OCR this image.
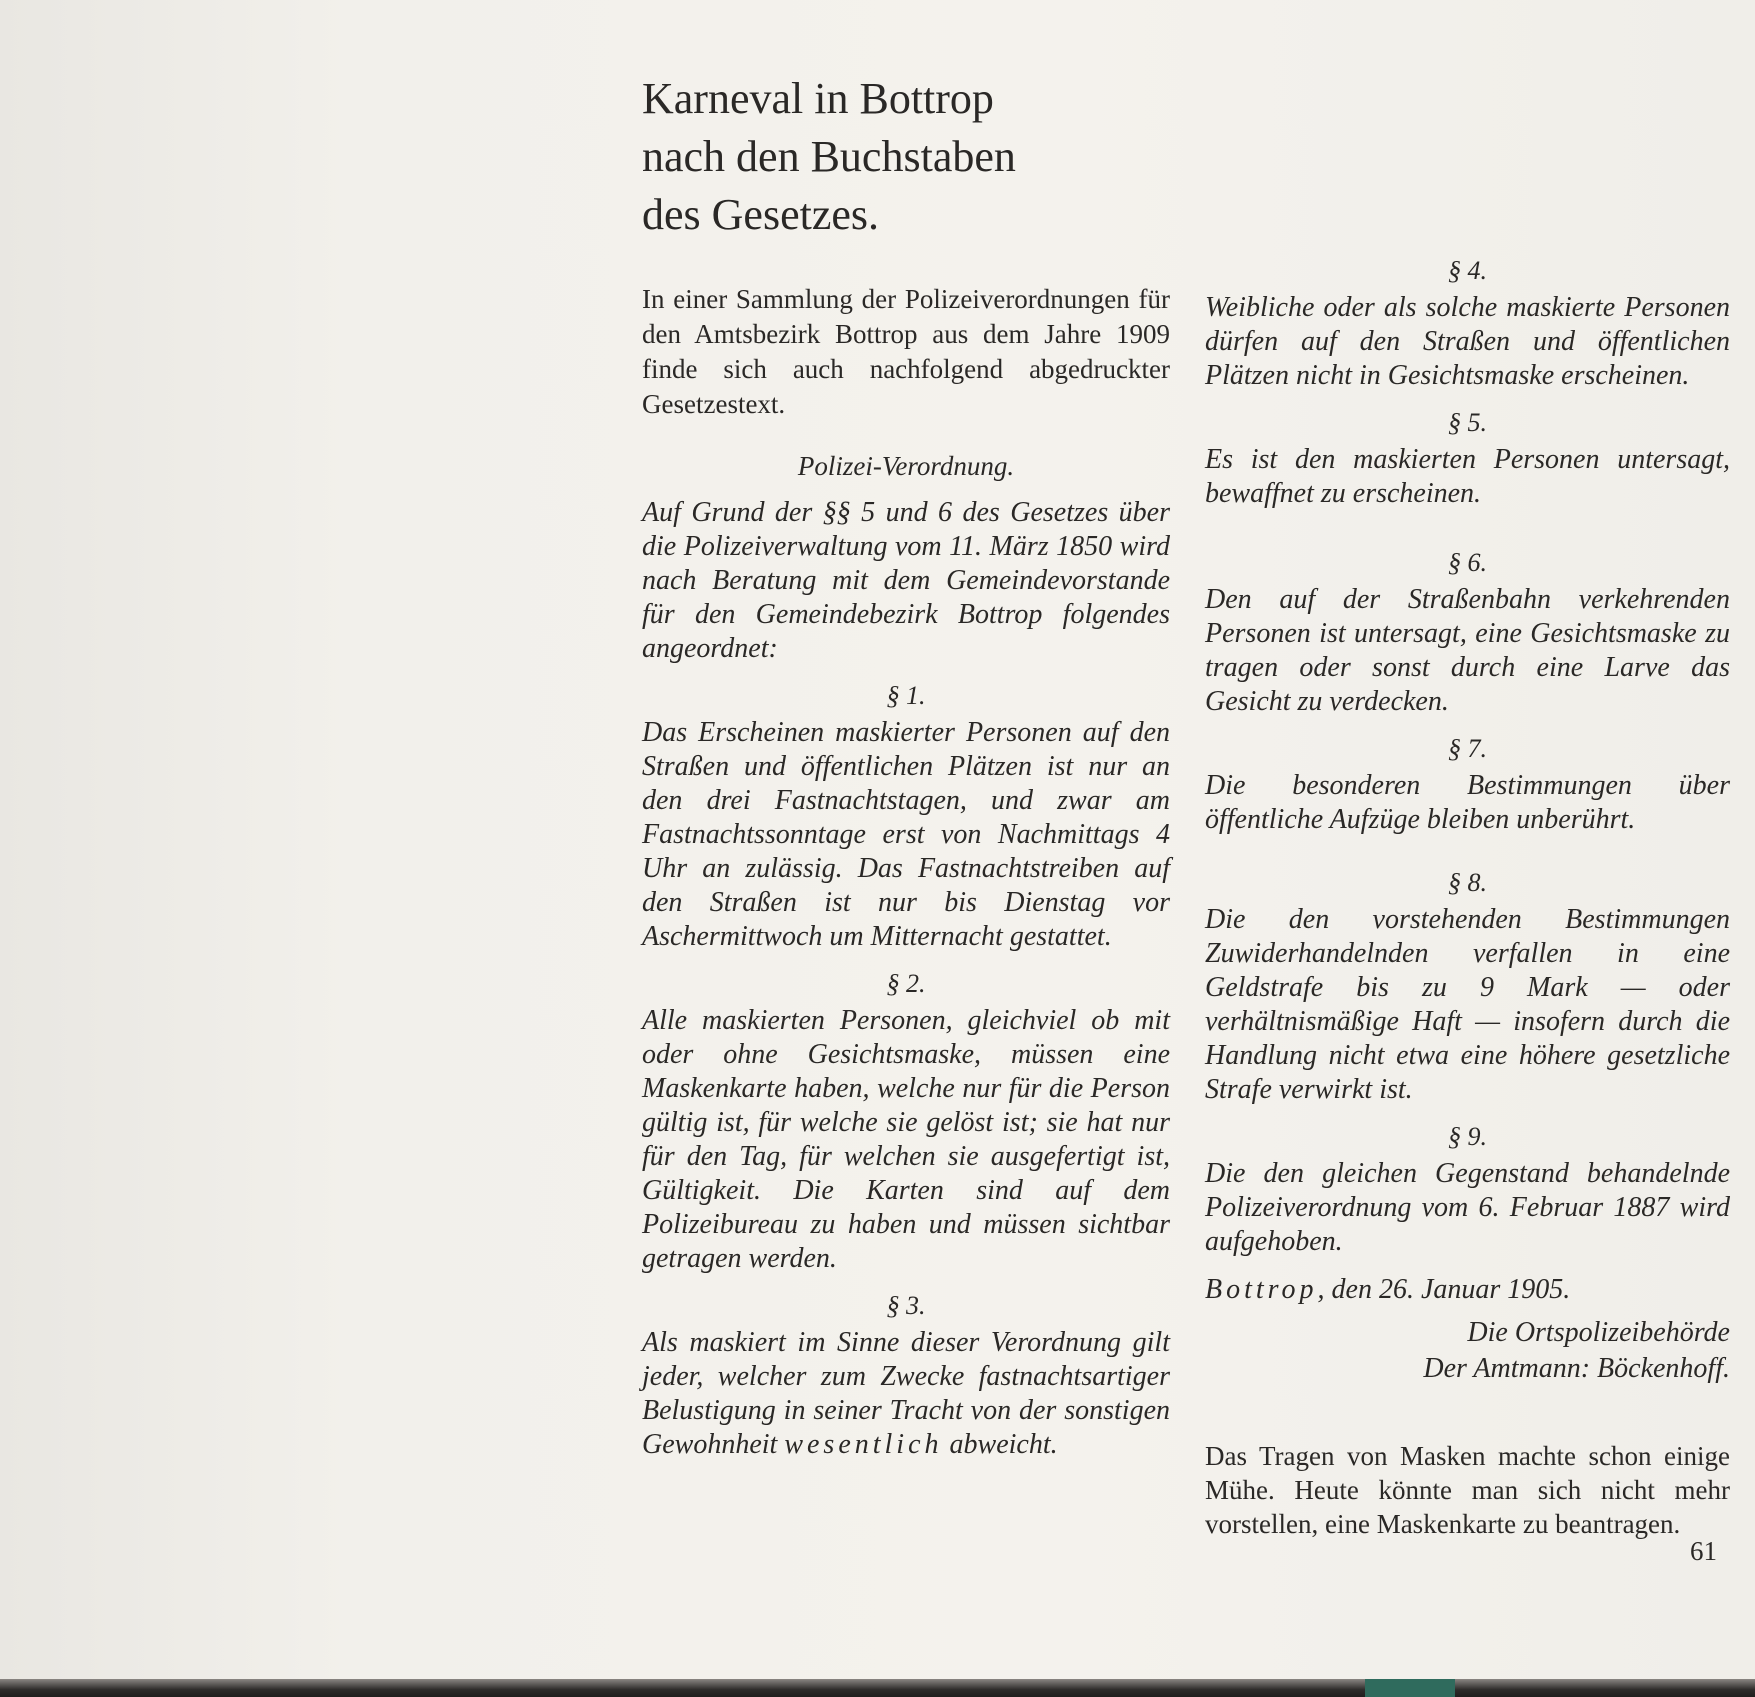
Karneval in Bottrop
nach den Buchstaben
des Gesetzes.

In einer Sammlung der Polizeiverordnungen für den Amtsbezirk Bottrop aus dem Jahre 1909 finde sich auch nachfolgend abgedruckter Gesetzestext.

Polizei-Verordnung.

Auf Grund der §§ 5 und 6 des Gesetzes über die Polizeiverwaltung vom 11. März 1850 wird nach Beratung mit dem Gemeindevorstande für den Gemeindebezirk Bottrop folgendes angeordnet:

§ 1.

Das Erscheinen maskierter Personen auf den Straßen und öffentlichen Plätzen ist nur an den drei Fastnachtstagen, und zwar am Fastnachtssonntage erst von Nachmittags 4 Uhr an zulässig. Das Fastnachtstreiben auf den Straßen ist nur bis Dienstag vor Aschermittwoch um Mitternacht gestattet.

§ 2.

Alle maskierten Personen, gleichviel ob mit oder ohne Gesichtsmaske, müssen eine Maskenkarte haben, welche nur für die Person gültig ist, für welche sie gelöst ist; sie hat nur für den Tag, für welchen sie ausgefertigt ist, Gültigkeit. Die Karten sind auf dem Polizeibureau zu haben und müssen sichtbar getragen werden.

§ 3.

Als maskiert im Sinne dieser Verordnung gilt jeder, welcher zum Zwecke fastnachtsartiger Belustigung in seiner Tracht von der sonstigen Gewohnheit wesentlich abweicht.

§ 4.

Weibliche oder als solche maskierte Personen dürfen auf den Straßen und öffentlichen Plätzen nicht in Gesichtsmaske erscheinen.

§ 5.

Es ist den maskierten Personen untersagt, bewaffnet zu erscheinen.

§ 6.

Den auf der Straßenbahn verkehrenden Personen ist untersagt, eine Gesichtsmaske zu tragen oder sonst durch eine Larve das Gesicht zu verdecken.

§ 7.

Die besonderen Bestimmungen über öffentliche Aufzüge bleiben unberührt.

§ 8.

Die den vorstehenden Bestimmungen Zuwiderhandelnden verfallen in eine Geldstrafe bis zu 9 Mark — oder verhältnismäßige Haft — insofern durch die Handlung nicht etwa eine höhere gesetzliche Strafe verwirkt ist.

§ 9.

Die den gleichen Gegenstand behandelnde Polizeiverordnung vom 6. Februar 1887 wird aufgehoben.

Bottrop, den 26. Januar 1905.
Die Ortspolizeibehörde
Der Amtmann: Böckenhoff.

Das Tragen von Masken machte schon einige Mühe. Heute könnte man sich nicht mehr vorstellen, eine Maskenkarte zu beantragen.

61
